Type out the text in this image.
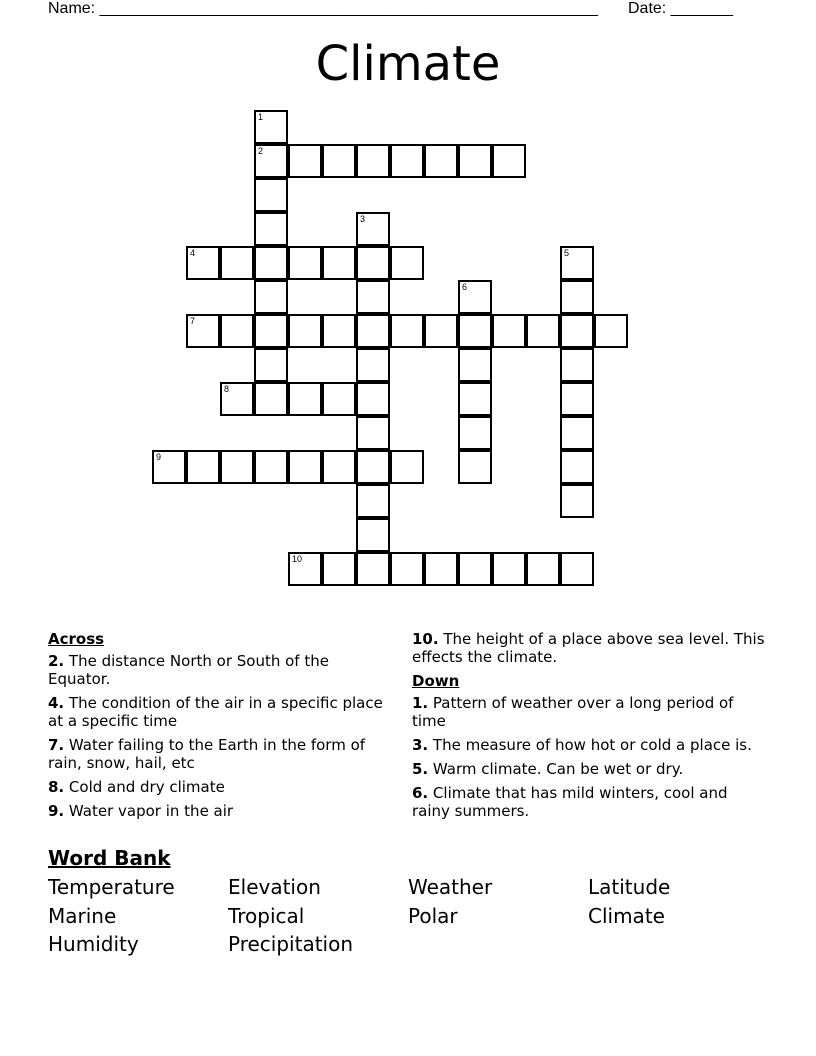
Name: ________________________________________________________ Date: _______
Climate
1
2
3
4	5
6
7
8
9
10
Across
2. The distance North or South of the Equator.
4. The condition of the air in a specific place at a specific time
7. Water failing to the Earth in the form of rain, snow, hail, etc
8. Cold and dry climate
9. Water vapor in the air
10. The height of a place above sea level. This effects the climate.
Down
1. Pattern of weather over a long period of time
3. The measure of how hot or cold a place is.
5. Warm climate. Can be wet or dry.
6. Climate that has mild winters, cool and rainy summers.
Word Bank
Temperature	Elevation	Weather	Latitude
Marine	Tropical	Polar	Climate
Humidity	Precipitation
